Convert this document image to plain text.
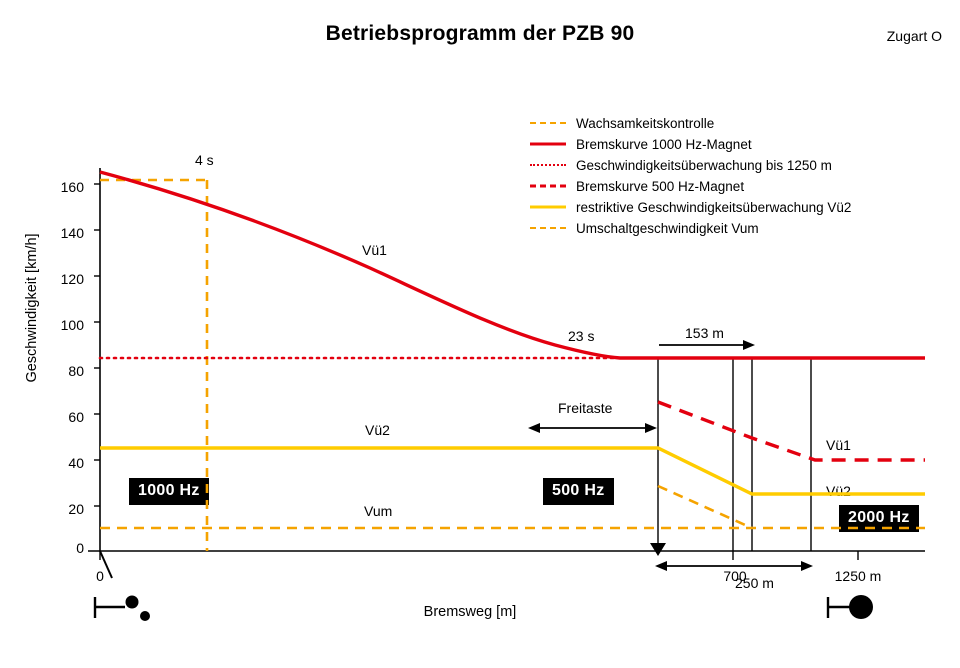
Betriebsprogramm der PZB 90	Zugart O
Wachsamkeitskontrolle
Bremskurve 1000 Hz-Magnet
Geschwindigkeitsüberwachung bis 1250 m
Bremskurve 500 Hz-Magnet
restriktive Geschwindigkeitsüberwachung Vü2
Umschaltgeschwindigkeit Vum
Geschwindigkeit [km/h]
Bremsweg [m]
160
140
120
100
80
60
40
20
0
0	700	1250 m
4 s
23 s	153 m
250 m
Freitaste
Vü1
Vü2
Vum
Vü1
Vü2
1000 Hz	500 Hz
2000 Hz
